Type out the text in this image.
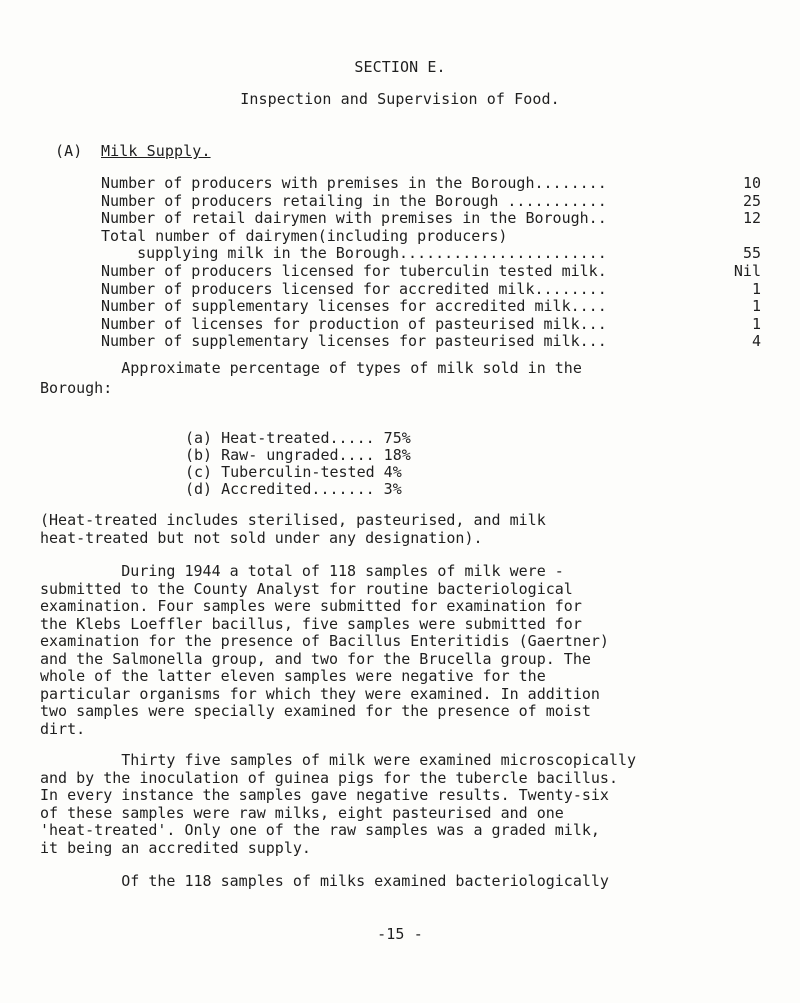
SECTION E.
Inspection and Supervision of Food.
(A) Milk Supply.
Number of producers with premises in the Borough........	10
Number of producers retailing in the Borough ...........	25
Number of retail dairymen with premises in the Borough..	12
Total number of dairymen(including producers)
supplying milk in the Borough.......................	55
Number of producers licensed for tuberculin tested milk.	Nil
Number of producers licensed for accredited milk........	1
Number of supplementary licenses for accredited milk....	1
Number of licenses for production of pasteurised milk...	1
Number of supplementary licenses for pasteurised milk...	4
Approximate percentage of types of milk sold in the
Borough:
(a) Heat-treated..... 75%
(b) Raw- ungraded.... 18%
(c) Tuberculin-tested 4%
(d) Accredited....... 3%
(Heat-treated includes sterilised, pasteurised, and milk
heat-treated but not sold under any designation).
During 1944 a total of 118 samples of milk were -
submitted to the County Analyst for routine bacteriological
examination. Four samples were submitted for examination for
the Klebs Loeffler bacillus, five samples were submitted for
examination for the presence of Bacillus Enteritidis (Gaertner)
and the Salmonella group, and two for the Brucella group. The
whole of the latter eleven samples were negative for the
particular organisms for which they were examined. In addition
two samples were specially examined for the presence of moist
dirt.
Thirty five samples of milk were examined microscopically
and by the inoculation of guinea pigs for the tubercle bacillus.
In every instance the samples gave negative results. Twenty-six
of these samples were raw milks, eight pasteurised and one
'heat-treated'. Only one of the raw samples was a graded milk,
it being an accredited supply.
Of the 118 samples of milks examined bacteriologically
-15 -
